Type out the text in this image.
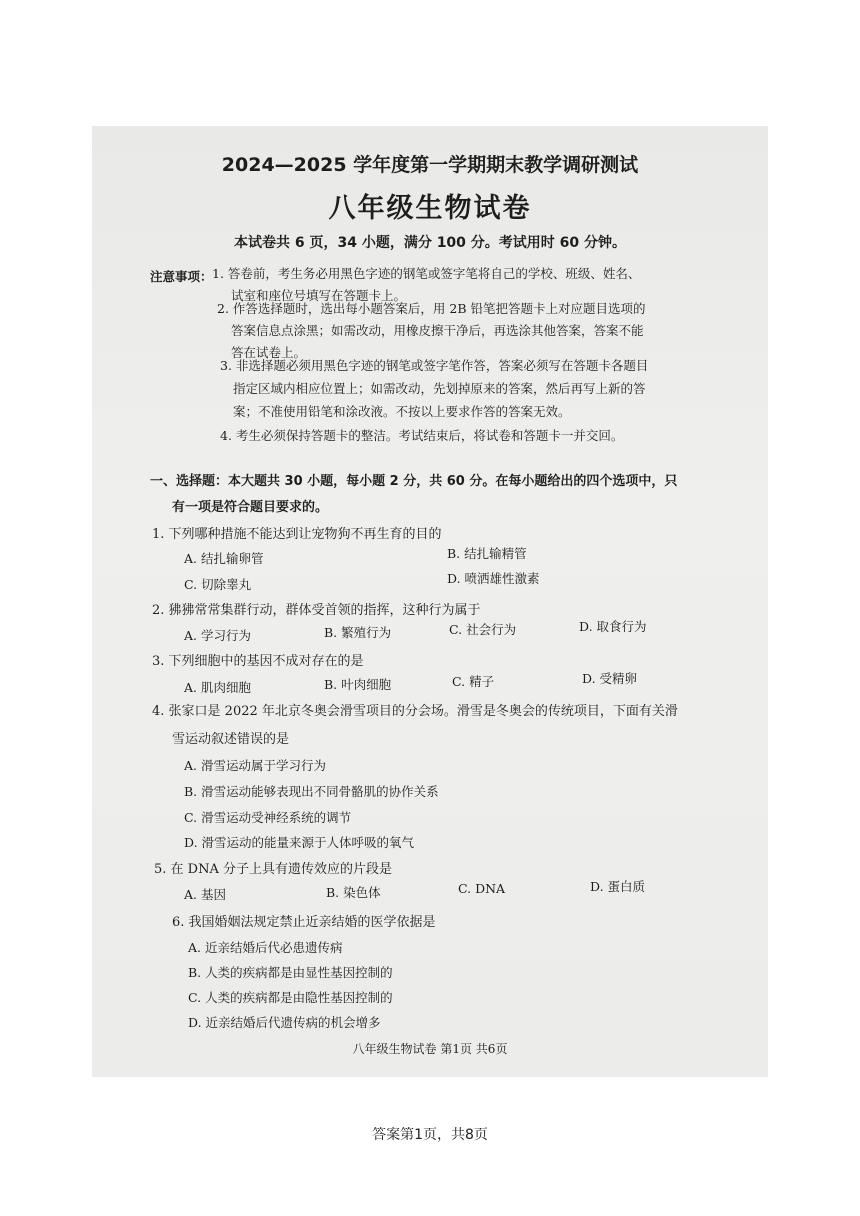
2024—2025 学年度第一学期期末教学调研测试
八年级生物试卷
本试卷共 6 页，34 小题，满分 100 分。考试用时 60 分钟。
注意事项： 1. 答卷前，考生务必用黑色字迹的钢笔或签字笔将自己的学校、班级、姓名、
试室和座位号填写在答题卡上。
2. 作答选择题时，选出每小题答案后，用 2B 铅笔把答题卡上对应题目选项的
答案信息点涂黑；如需改动，用橡皮擦干净后，再选涂其他答案，答案不能
答在试卷上。
3. 非选择题必须用黑色字迹的钢笔或签字笔作答，答案必须写在答题卡各题目
指定区域内相应位置上；如需改动，先划掉原来的答案，然后再写上新的答
案；不准使用铅笔和涂改液。不按以上要求作答的答案无效。
4. 考生必须保持答题卡的整洁。考试结束后，将试卷和答题卡一并交回。
一、选择题：本大题共 30 小题，每小题 2 分，共 60 分。在每小题给出的四个选项中，只
有一项是符合题目要求的。
1. 下列哪种措施不能达到让宠物狗不再生育的目的
A. 结扎输卵管	B. 结扎输精管
C. 切除睾丸	D. 喷洒雄性激素
2. 狒狒常常集群行动，群体受首领的指挥，这种行为属于
A. 学习行为	B. 繁殖行为	C. 社会行为	D. 取食行为
3. 下列细胞中的基因不成对存在的是
A. 肌肉细胞	B. 叶肉细胞	C. 精子	D. 受精卵
4. 张家口是 2022 年北京冬奥会滑雪项目的分会场。滑雪是冬奥会的传统项目，下面有关滑
雪运动叙述错误的是
A. 滑雪运动属于学习行为
B. 滑雪运动能够表现出不同骨骼肌的协作关系
C. 滑雪运动受神经系统的调节
D. 滑雪运动的能量来源于人体呼吸的氧气
5. 在 DNA 分子上具有遗传效应的片段是
A. 基因	B. 染色体	C. DNA	D. 蛋白质
6. 我国婚姻法规定禁止近亲结婚的医学依据是
A. 近亲结婚后代必患遗传病
B. 人类的疾病都是由显性基因控制的
C. 人类的疾病都是由隐性基因控制的
D. 近亲结婚后代遗传病的机会增多
八年级生物试卷 第1页 共6页
答案第1页，共8页
